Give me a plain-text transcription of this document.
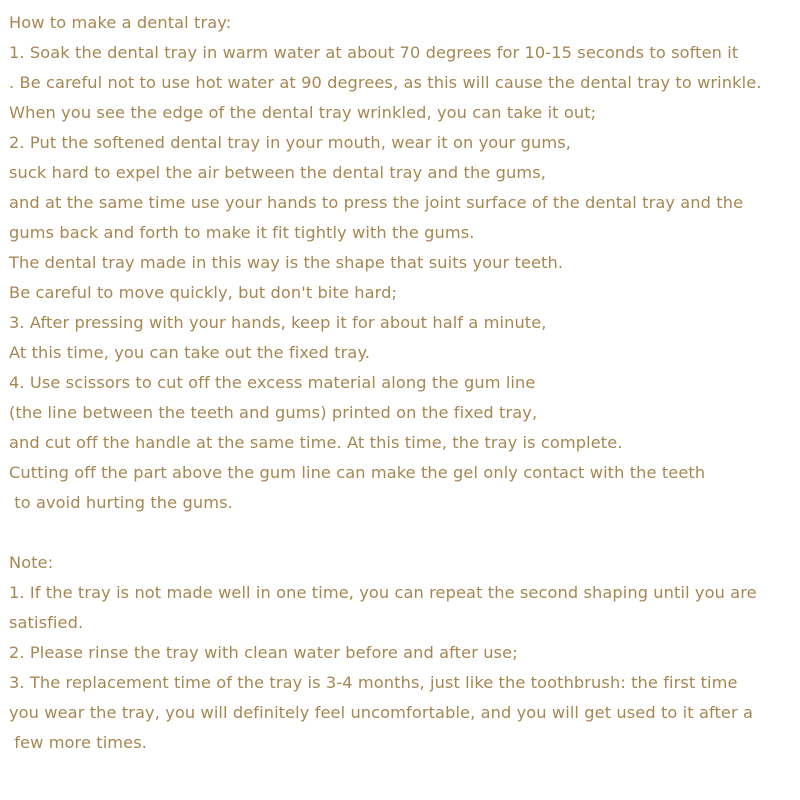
How to make a dental tray:
1. Soak the dental tray in warm water at about 70 degrees for 10-15 seconds to soften it
. Be careful not to use hot water at 90 degrees, as this will cause the dental tray to wrinkle.
When you see the edge of the dental tray wrinkled, you can take it out;
2. Put the softened dental tray in your mouth, wear it on your gums,
suck hard to expel the air between the dental tray and the gums,
and at the same time use your hands to press the joint surface of the dental tray and the
gums back and forth to make it fit tightly with the gums.
The dental tray made in this way is the shape that suits your teeth.
Be careful to move quickly, but don't bite hard;
3. After pressing with your hands, keep it for about half a minute,
At this time, you can take out the fixed tray.
4. Use scissors to cut off the excess material along the gum line
(the line between the teeth and gums) printed on the fixed tray,
and cut off the handle at the same time. At this time, the tray is complete.
Cutting off the part above the gum line can make the gel only contact with the teeth
to avoid hurting the gums.
Note:
1. If the tray is not made well in one time, you can repeat the second shaping until you are
satisfied.
2. Please rinse the tray with clean water before and after use;
3. The replacement time of the tray is 3-4 months, just like the toothbrush: the first time
you wear the tray, you will definitely feel uncomfortable, and you will get used to it after a
few more times.
